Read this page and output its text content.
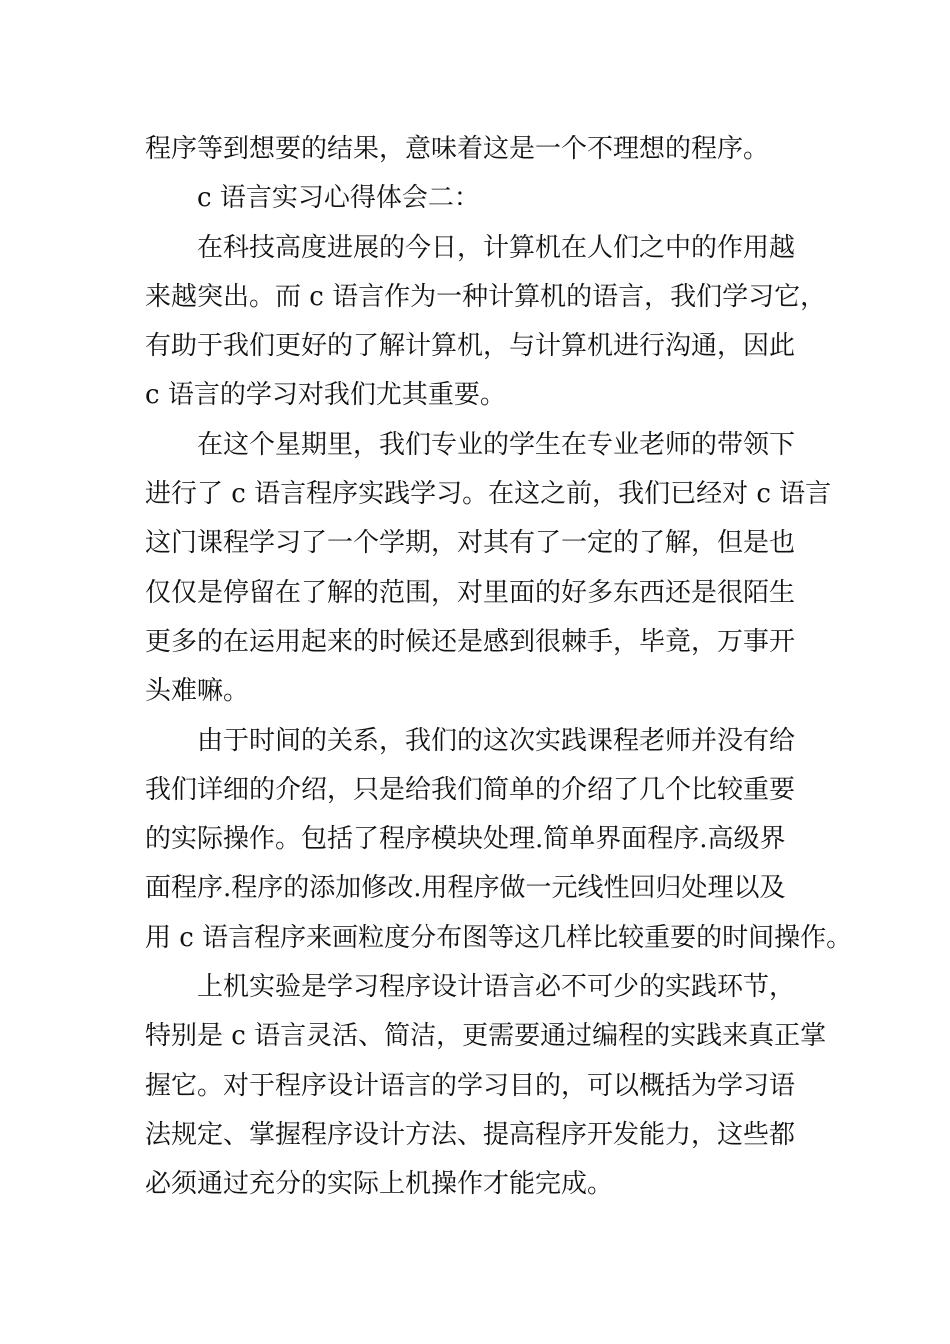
程序等到想要的结果，意味着这是一个不理想的程序。
c 语言实习心得体会二：
在科技高度进展的今日，计算机在人们之中的作用越
来越突出。而 c 语言作为一种计算机的语言，我们学习它，
有助于我们更好的了解计算机，与计算机进行沟通，因此
c 语言的学习对我们尤其重要。
在这个星期里，我们专业的学生在专业老师的带领下
进行了 c 语言程序实践学习。在这之前，我们已经对 c 语言
这门课程学习了一个学期，对其有了一定的了解，但是也
仅仅是停留在了解的范围，对里面的好多东西还是很陌生
更多的在运用起来的时候还是感到很棘手，毕竟，万事开
头难嘛。
由于时间的关系，我们的这次实践课程老师并没有给
我们详细的介绍，只是给我们简单的介绍了几个比较重要
的实际操作。包括了程序模块处理.简单界面程序.高级界
面程序.程序的添加修改.用程序做一元线性回归处理以及
用 c 语言程序来画粒度分布图等这几样比较重要的时间操作。
上机实验是学习程序设计语言必不可少的实践环节，
特别是 c 语言灵活、简洁，更需要通过编程的实践来真正掌
握它。对于程序设计语言的学习目的，可以概括为学习语
法规定、掌握程序设计方法、提高程序开发能力，这些都
必须通过充分的实际上机操作才能完成。
